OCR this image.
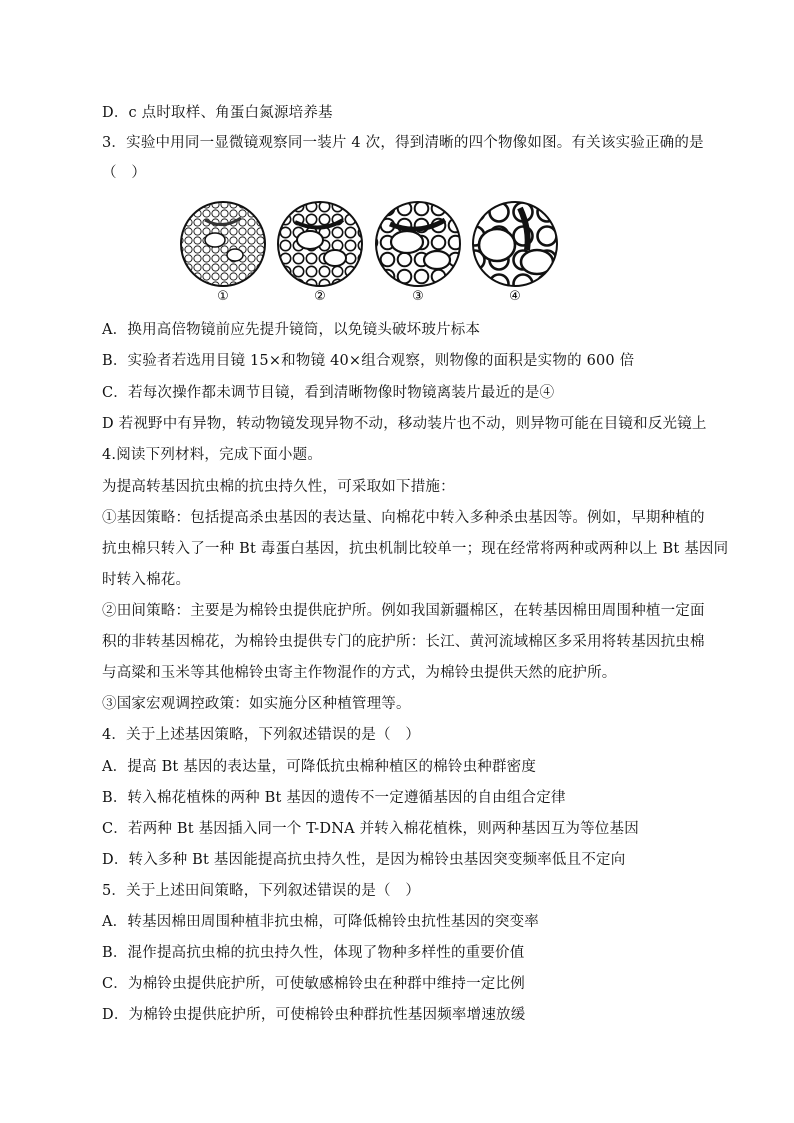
D．c 点时取样、角蛋白氮源培养基
3．实验中用同一显微镜观察同一装片 4 次，得到清晰的四个物像如图。有关该实验正确的是
（　）
①	②	③	④
A．换用高倍物镜前应先提升镜筒，以免镜头破坏玻片标本
B．实验者若选用目镜 15×和物镜 40×组合观察，则物像的面积是实物的 600 倍
C．若每次操作都未调节目镜，看到清晰物像时物镜离装片最近的是④
D 若视野中有异物，转动物镜发现异物不动，移动装片也不动，则异物可能在目镜和反光镜上
4.阅读下列材料，完成下面小题。
为提高转基因抗虫棉的抗虫持久性，可采取如下措施：
①基因策略：包括提高杀虫基因的表达量、向棉花中转入多种杀虫基因等。例如，早期种植的
抗虫棉只转入了一种 Bt 毒蛋白基因，抗虫机制比较单一；现在经常将两种或两种以上 Bt 基因同
时转入棉花。
②田间策略：主要是为棉铃虫提供庇护所。例如我国新疆棉区，在转基因棉田周围种植一定面
积的非转基因棉花，为棉铃虫提供专门的庇护所：长江、黄河流域棉区多采用将转基因抗虫棉
与高粱和玉米等其他棉铃虫寄主作物混作的方式，为棉铃虫提供天然的庇护所。
③国家宏观调控政策：如实施分区种植管理等。
4．关于上述基因策略，下列叙述错误的是（　）
A．提高 Bt 基因的表达量，可降低抗虫棉种植区的棉铃虫种群密度
B．转入棉花植株的两种 Bt 基因的遗传不一定遵循基因的自由组合定律
C．若两种 Bt 基因插入同一个 T-DNA 并转入棉花植株，则两种基因互为等位基因
D．转入多种 Bt 基因能提高抗虫持久性，是因为棉铃虫基因突变频率低且不定向
5．关于上述田间策略，下列叙述错误的是（　）
A．转基因棉田周围种植非抗虫棉，可降低棉铃虫抗性基因的突变率
B．混作提高抗虫棉的抗虫持久性，体现了物种多样性的重要价值
C．为棉铃虫提供庇护所，可使敏感棉铃虫在种群中维持一定比例
D．为棉铃虫提供庇护所，可使棉铃虫种群抗性基因频率增速放缓
